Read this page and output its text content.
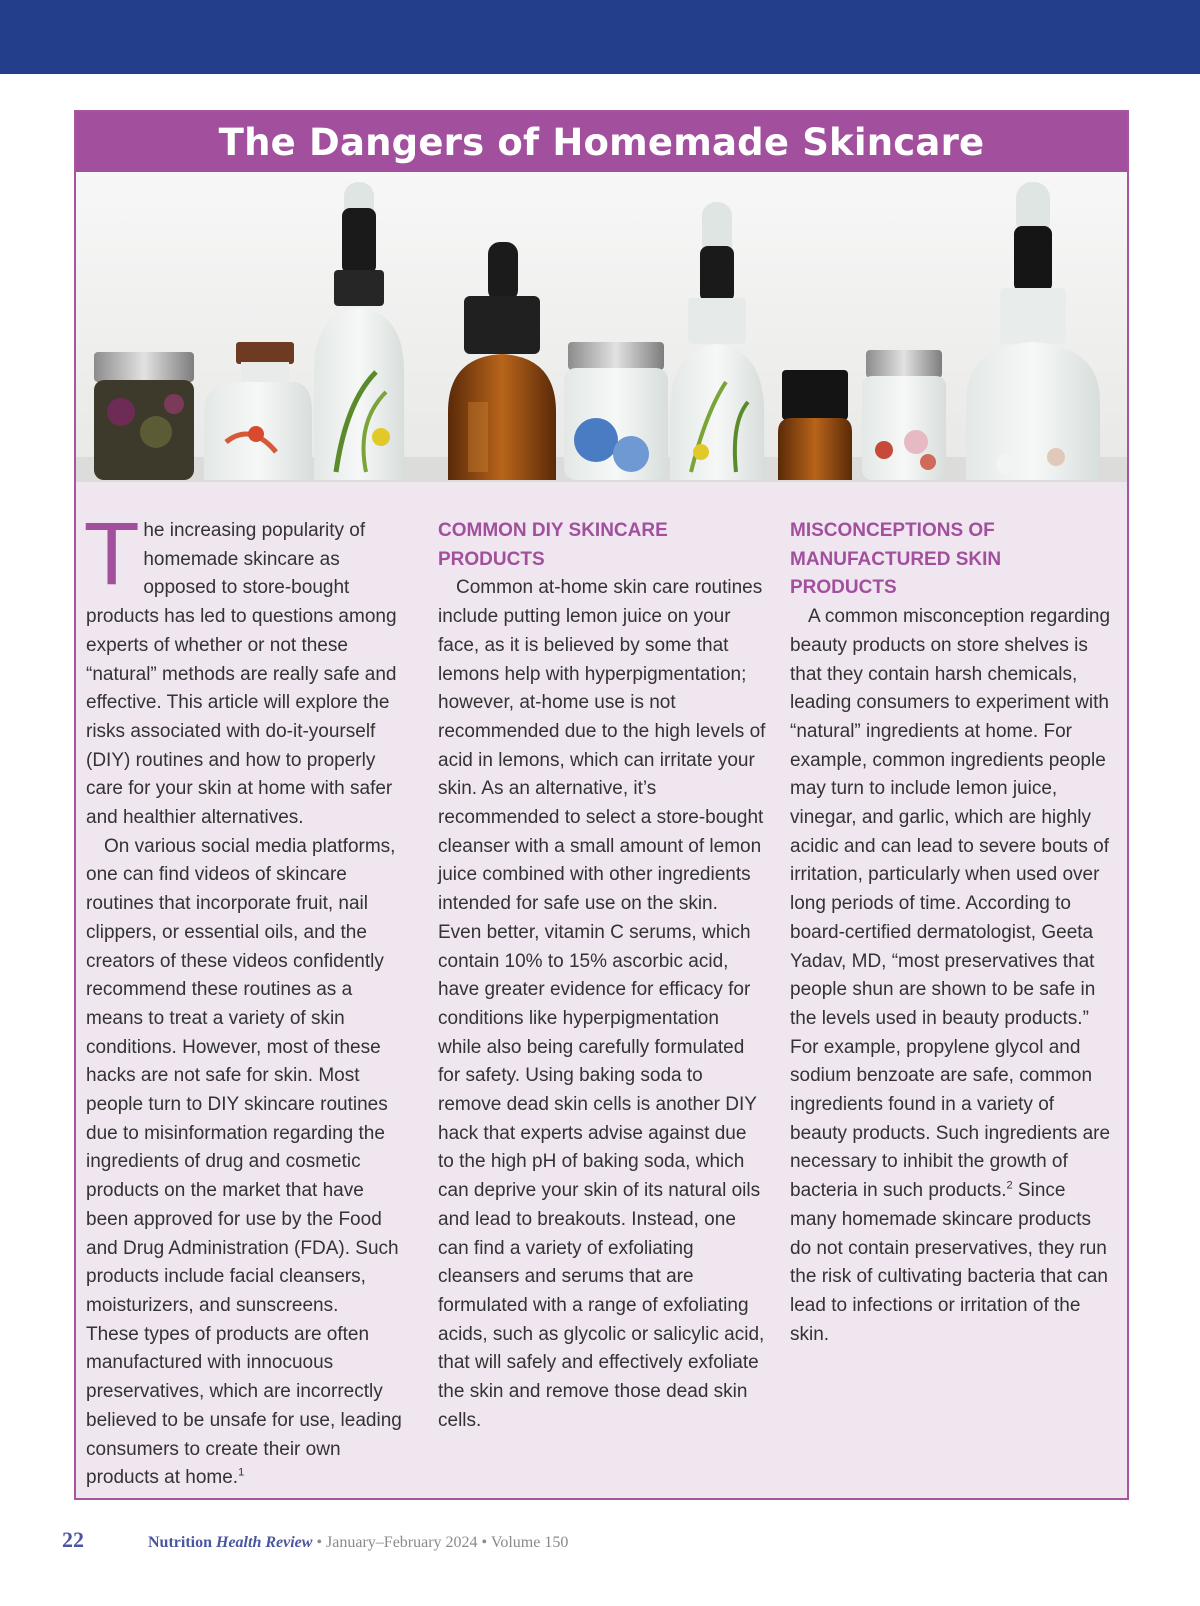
The Dangers of Homemade Skincare

The increasing popularity of homemade skincare as opposed to store-bought products has led to questions among experts of whether or not these “natural” methods are really safe and effective. This article will explore the risks associated with do-it-yourself (DIY) routines and how to properly care for your skin at home with safer and healthier alternatives.

On various social media platforms, one can find videos of skincare routines that incorporate fruit, nail clippers, or essential oils, and the creators of these videos confidently recommend these routines as a means to treat a variety of skin conditions. However, most of these hacks are not safe for skin. Most people turn to DIY skincare routines due to misinformation regarding the ingredients of drug and cosmetic products on the market that have been approved for use by the Food and Drug Administration (FDA). Such products include facial cleansers, moisturizers, and sunscreens.

These types of products are often manufactured with innocuous preservatives, which are incorrectly believed to be unsafe for use, leading consumers to create their own products at home.$^1$

COMMON DIY SKINCARE PRODUCTS

Common at-home skin care routines include putting lemon juice on your face, as it is believed by some that lemons help with hyperpigmentation; however, at-home use is not recommended due to the high levels of acid in lemons, which can irritate your skin. As an alternative, it’s recommended to select a store-bought cleanser with a small amount of lemon juice combined with other ingredients intended for safe use on the skin. Even better, vitamin C serums, which contain 10% to 15% ascorbic acid, have greater evidence for efficacy for conditions like hyperpigmentation while also being carefully formulated for safety. Using baking soda to remove dead skin cells is another DIY hack that experts advise against due to the high pH of baking soda, which can deprive your skin of its natural oils and lead to breakouts. Instead, one can find a variety of exfoliating cleansers and serums that are formulated with a range of exfoliating acids, such as glycolic or salicylic acid, that will safely and effectively exfoliate the skin and remove those dead skin cells.

MISCONCEPTIONS OF MANUFACTURED SKIN PRODUCTS

A common misconception regarding beauty products on store shelves is that they contain harsh chemicals, leading consumers to experiment with “natural” ingredients at home. For example, common ingredients people may turn to include lemon juice, vinegar, and garlic, which are highly acidic and can lead to severe bouts of irritation, particularly when used over long periods of time. According to board-certified dermatologist, Geeta Yadav, MD, “most preservatives that people shun are shown to be safe in the levels used in beauty products.” For example, propylene glycol and sodium benzoate are safe, common ingredients found in a variety of beauty products. Such ingredients are necessary to inhibit the growth of bacteria in such products.$^2$ Since many homemade skincare products do not contain preservatives, they run the risk of cultivating bacteria that can lead to infections or irritation of the skin.

22	Nutrition Health Review • January–February 2024 • Volume 150
